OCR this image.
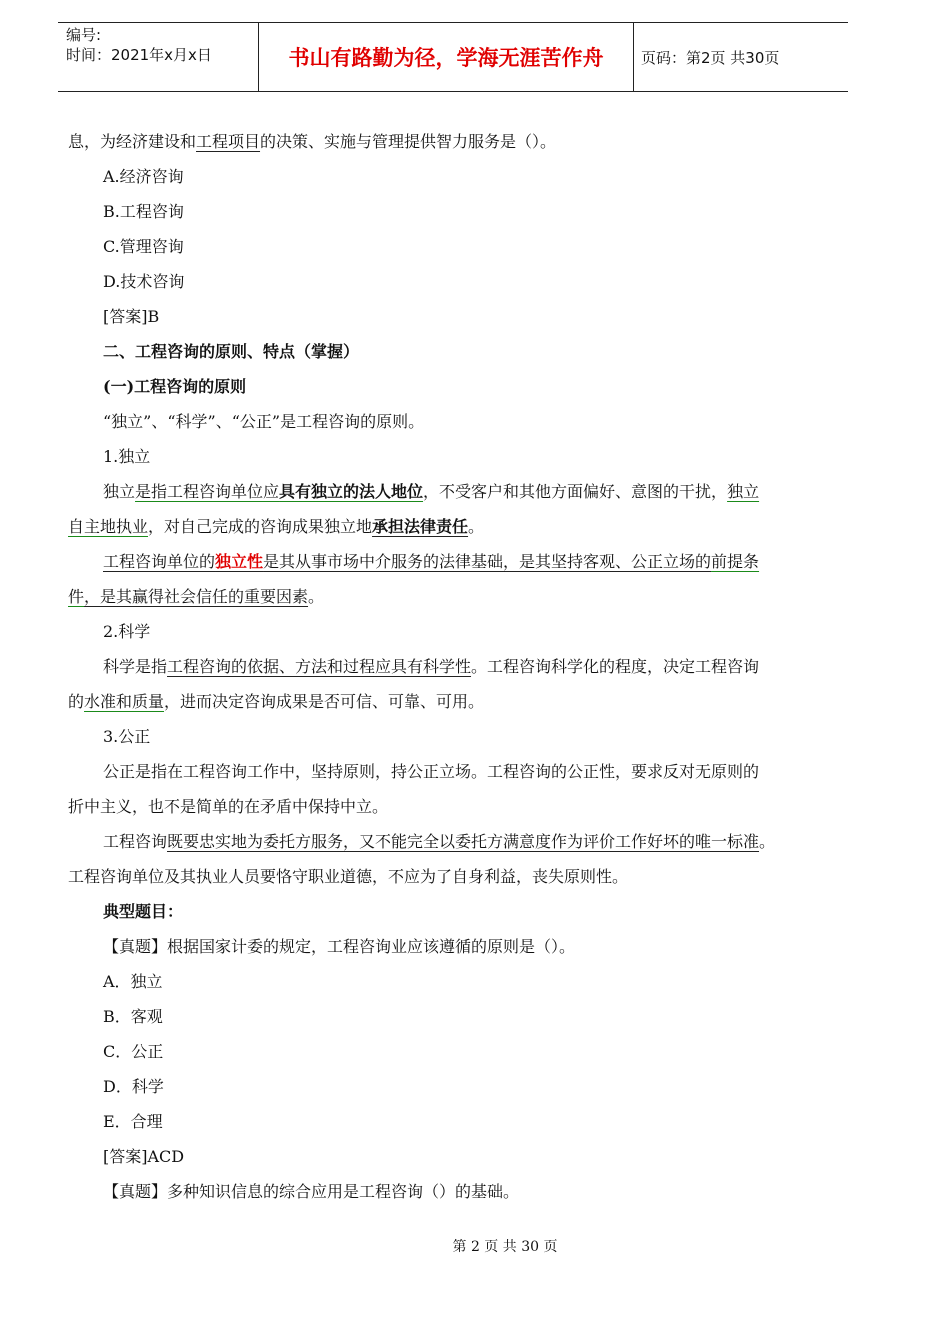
编号:
时间：2021年x月x日	书山有路勤为径，学海无涯苦作舟	页码：第2页 共30页
息，为经济建设和工程项目的决策、实施与管理提供智力服务是（）。
A.经济咨询
B.工程咨询
C.管理咨询
D.技术咨询
[答案]B
二、工程咨询的原则、特点（掌握）
(一)工程咨询的原则
“独立”、“科学”、“公正”是工程咨询的原则。
1.独立
独立是指工程咨询单位应具有独立的法人地位，不受客户和其他方面偏好、意图的干扰，独立
自主地执业，对自己完成的咨询成果独立地承担法律责任。
工程咨询单位的独立性是其从事市场中介服务的法律基础，是其坚持客观、公正立场的前提条
件，是其赢得社会信任的重要因素。
2.科学
科学是指工程咨询的依据、方法和过程应具有科学性。工程咨询科学化的程度，决定工程咨询
的水准和质量，进而决定咨询成果是否可信、可靠、可用。
3.公正
公正是指在工程咨询工作中，坚持原则，持公正立场。工程咨询的公正性，要求反对无原则的
折中主义，也不是简单的在矛盾中保持中立。
工程咨询既要忠实地为委托方服务，又不能完全以委托方满意度作为评价工作好坏的唯一标准。
工程咨询单位及其执业人员要恪守职业道德，不应为了自身利益，丧失原则性。
典型题目：
【真题】根据国家计委的规定，工程咨询业应该遵循的原则是（）。
A．独立
B．客观
C．公正
D．科学
E．合理
[答案]ACD
【真题】多种知识信息的综合应用是工程咨询（）的基础。
第 2 页 共 30 页
